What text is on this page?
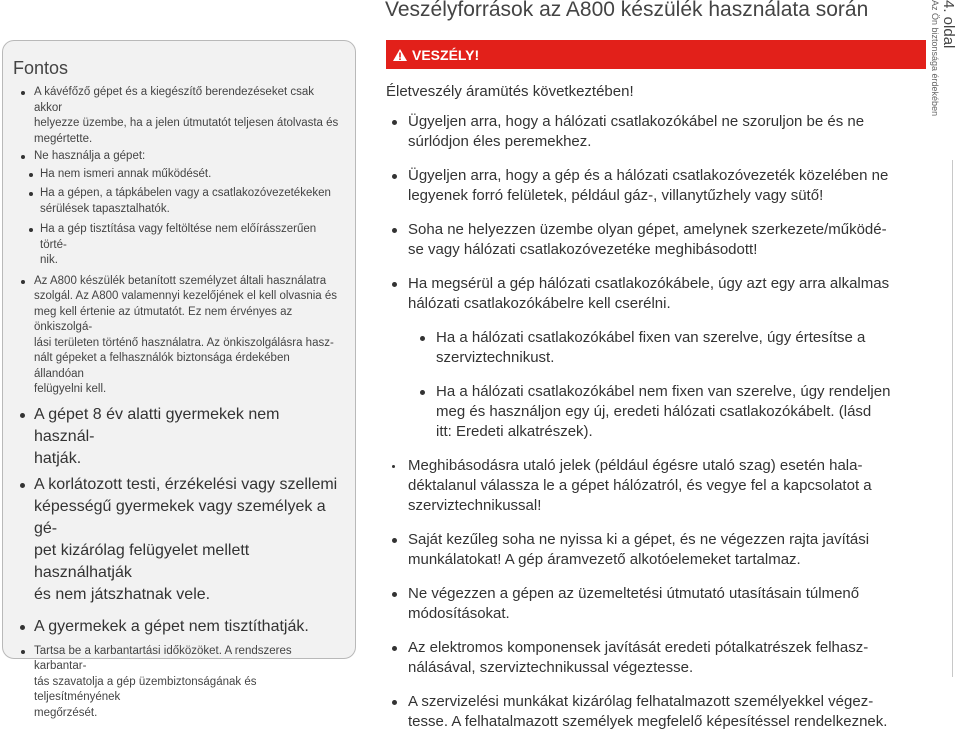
Veszélyforrások az A800 készülék használata során	4. oldal
Az Ön biztonsága érdekében
Fontos
A kávéfőző gépet és a kiegészítő berendezéseket csak akkor
helyezze üzembe, ha a jelen útmutatót teljesen átolvasta és
megértette.
Ne használja a gépet:
Ha nem ismeri annak működését.
Ha a gépen, a tápkábelen vagy a csatlakozóvezetékeken
sérülések tapasztalhatók.
Ha a gép tisztítása vagy feltöltése nem előírásszerűen törté-
nik.
Az A800 készülék betanított személyzet általi használatra
szolgál. Az A800 valamennyi kezelőjének el kell olvasnia és
meg kell értenie az útmutatót. Ez nem érvényes az önkiszolgá-
lási területen történő használatra. Az önkiszolgálásra hasz-
nált gépeket a felhasználók biztonsága érdekében állandóan
felügyelni kell.
A gépet 8 év alatti gyermekek nem használ-
hatják.
A korlátozott testi, érzékelési vagy szellemi
képességű gyermekek vagy személyek a gé-
pet kizárólag felügyelet mellett használhatják
és nem játszhatnak vele.
A gyermekek a gépet nem tisztíthatják.
Tartsa be a karbantartási időközöket. A rendszeres karbantar-
tás szavatolja a gép üzembiztonságának és teljesítményének
megőrzését.
VESZÉLY!
Életveszély áramütés következtében!
Ügyeljen arra, hogy a hálózati csatlakozókábel ne szoruljon be és ne
súrlódjon éles peremekhez.
Ügyeljen arra, hogy a gép és a hálózati csatlakozóvezeték közelében ne
legyenek forró felületek, például gáz-, villanytűzhely vagy sütő!
Soha ne helyezzen üzembe olyan gépet, amelynek szerkezete/működé-
se vagy hálózati csatlakozóvezetéke meghibásodott!
Ha megsérül a gép hálózati csatlakozókábele, úgy azt egy arra alkalmas
hálózati csatlakozókábelre kell cserélni.
Ha a hálózati csatlakozókábel fixen van szerelve, úgy értesítse a
szerviztechnikust.
Ha a hálózati csatlakozókábel nem fixen van szerelve, úgy rendeljen
meg és használjon egy új, eredeti hálózati csatlakozókábelt. (lásd
itt: Eredeti alkatrészek).
Meghibásodásra utaló jelek (például égésre utaló szag) esetén hala-
déktalanul válassza le a gépet hálózatról, és vegye fel a kapcsolatot a
szerviztechnikussal!
Saját kezűleg soha ne nyissa ki a gépet, és ne végezzen rajta javítási
munkálatokat! A gép áramvezető alkotóelemeket tartalmaz.
Ne végezzen a gépen az üzemeltetési útmutató utasításain túlmenő
módosításokat.
Az elektromos komponensek javítását eredeti pótalkatrészek felhasz-
nálásával, szerviztechnikussal végeztesse.
A szervizelési munkákat kizárólag felhatalmazott személyekkel végez-
tesse. A felhatalmazott személyek megfelelő képesítéssel rendelkeznek.
